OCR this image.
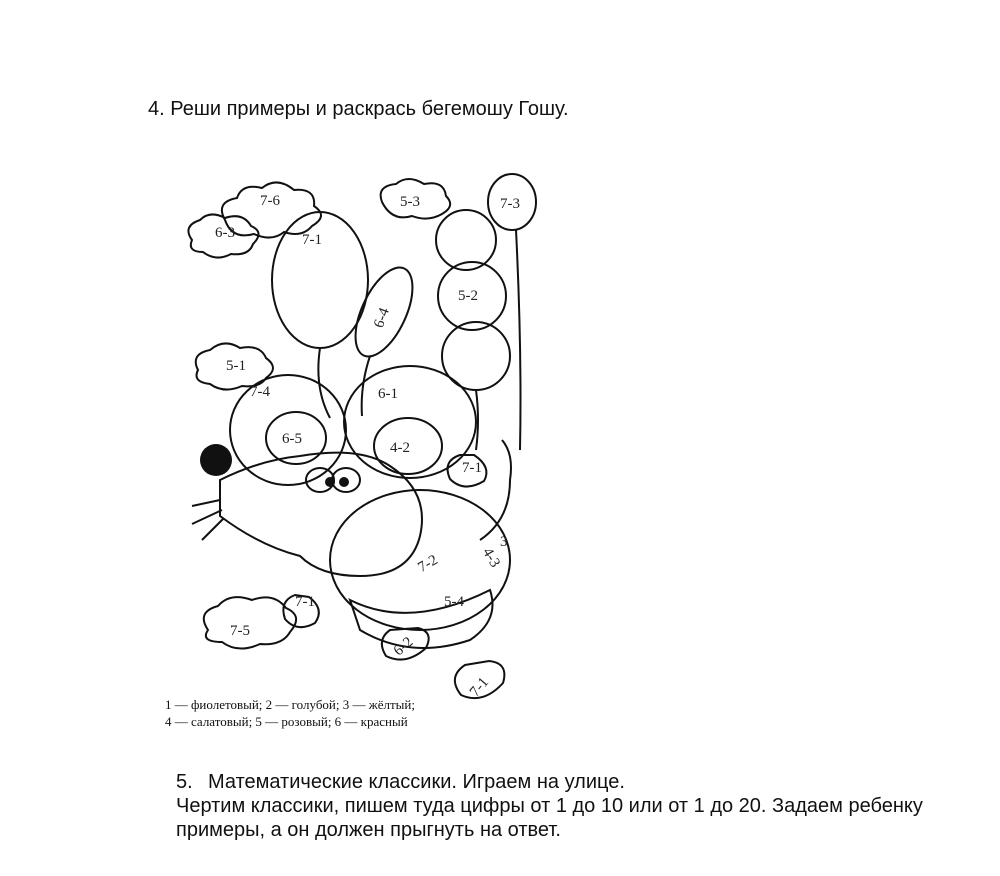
4. Реши примеры и раскрась бегемошу Гошу.
7-6
6-3
5-3
7-1
6-4
7-3
5-2
5-1
7-4
6-5
6-1
4-2
7-1
7-2	4-3
3
5-4
7-1
7-5
6-2
7-1
1 — фиолетовый; 2 — голубой; 3 — жёлтый;
4 — салатовый; 5 — розовый; 6 — красный
5. Математические классики. Играем на улице.
Чертим классики, пишем туда цифры от 1 до 10 или от 1 до 20. Задаем ребенку
примеры, а он должен прыгнуть на ответ.
